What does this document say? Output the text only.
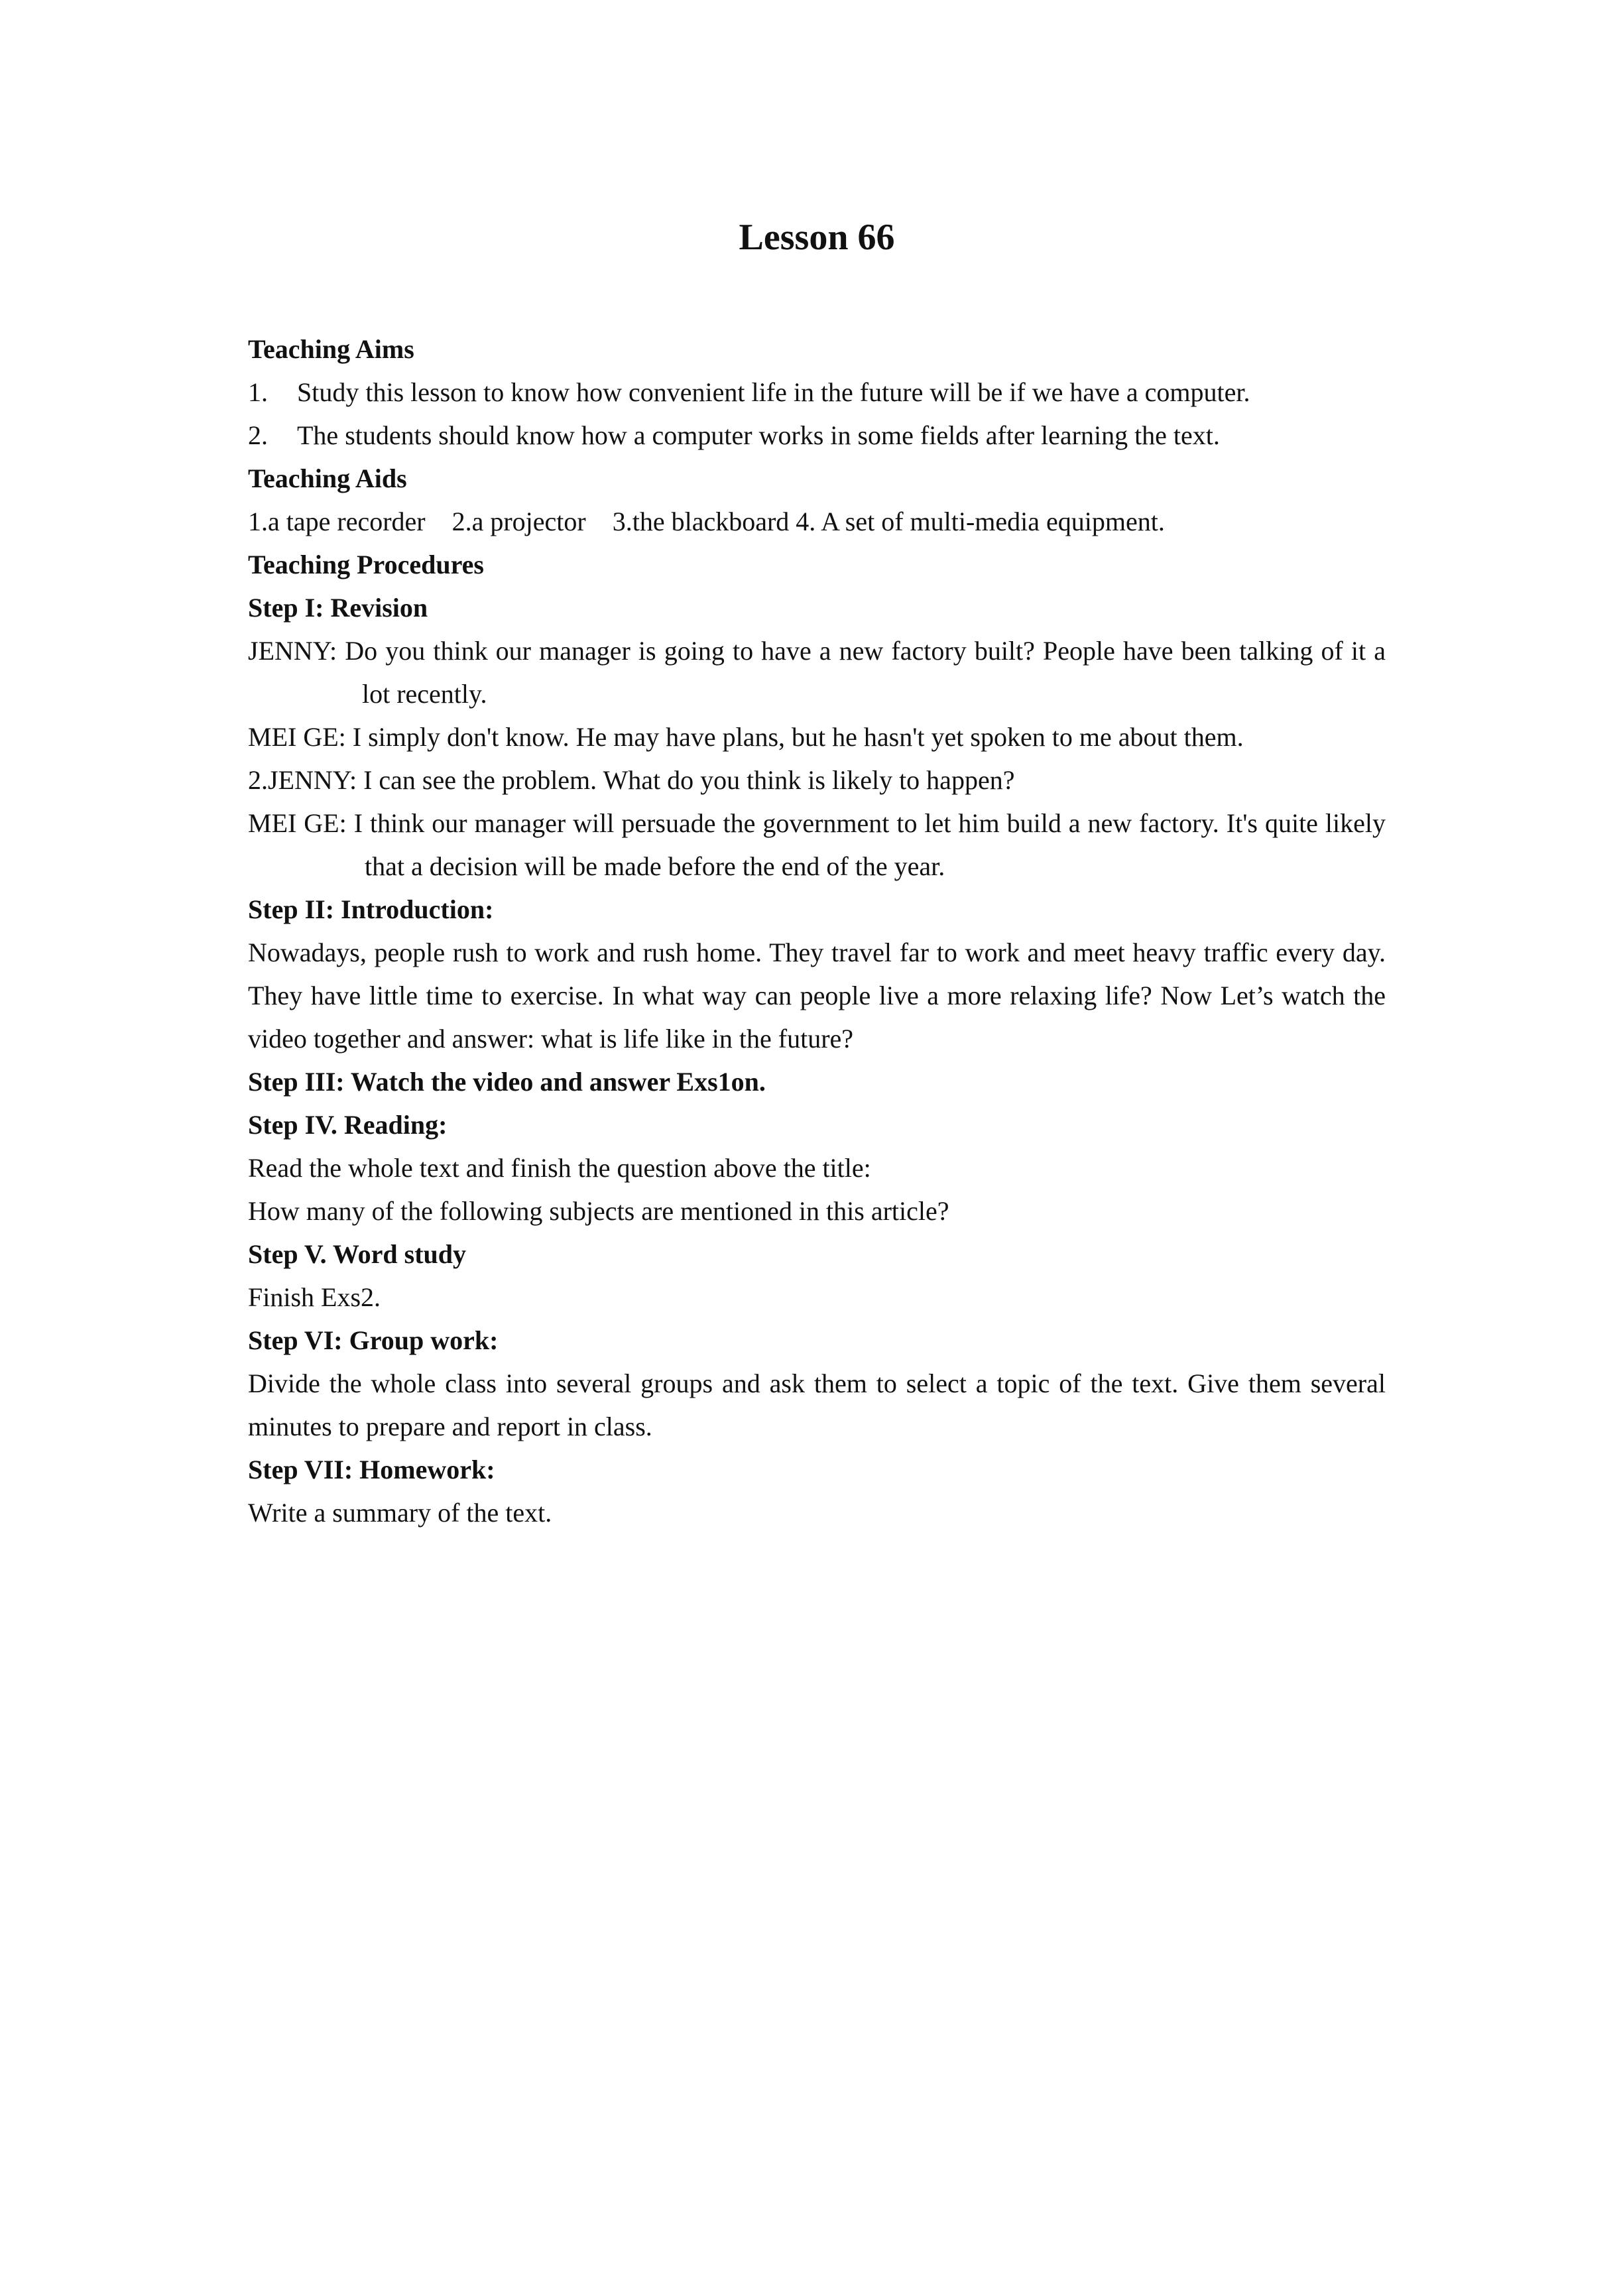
Lesson 66
Teaching Aims
1.	Study this lesson to know how convenient life in the future will be if we have a computer.
2.	The students should know how a computer works in some fields after learning the text.
Teaching Aids
1.a tape recorder    2.a projector    3.the blackboard 4. A set of multi-media equipment.
Teaching Procedures
Step I: Revision
JENNY: Do you think our manager is going to have a new factory built? People have been talking of it a lot recently.
MEI GE: I simply don't know. He may have plans, but he hasn't yet spoken to me about them.
2.JENNY: I can see the problem. What do you think is likely to happen?
MEI GE: I think our manager will persuade the government to let him build a new factory. It's quite likely that a decision will be made before the end of the year.
Step II: Introduction:
Nowadays, people rush to work and rush home. They travel far to work and meet heavy traffic every day. They have little time to exercise. In what way can people live a more relaxing life? Now Let’s watch the video together and answer: what is life like in the future?
Step III: Watch the video and answer Exs1on.
Step IV. Reading:
Read the whole text and finish the question above the title:
How many of the following subjects are mentioned in this article?
Step V. Word study
Finish Exs2.
Step VI: Group work:
Divide the whole class into several groups and ask them to select a topic of the text. Give them several minutes to prepare and report in class.
Step VII: Homework:
Write a summary of the text.
